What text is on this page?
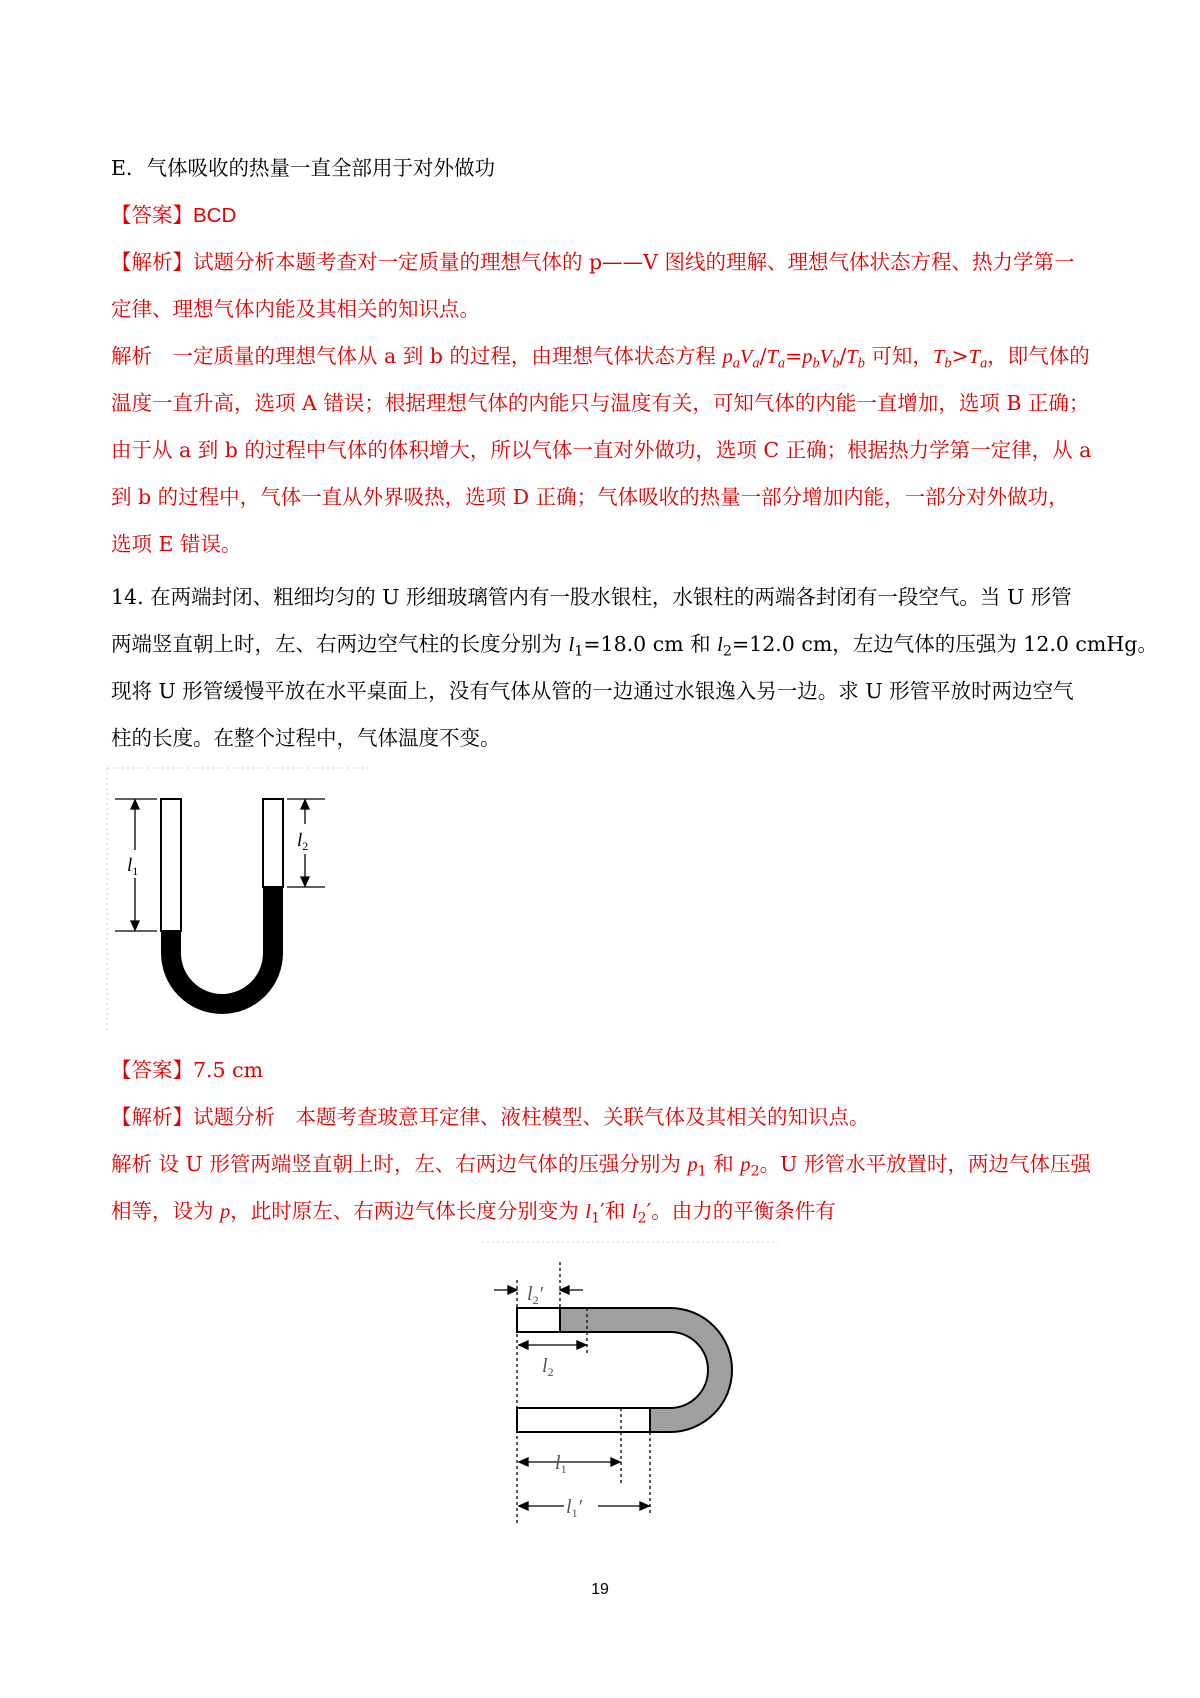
E．气体吸收的热量一直全部用于对外做功

【答案】BCD

【解析】试题分析本题考查对一定质量的理想气体的 p——V 图线的理解、理想气体状态方程、热力学第一

定律、理想气体内能及其相关的知识点。

解析　一定质量的理想气体从 a 到 b 的过程，由理想气体状态方程 $p_aV_a/T_a=p_bV_b/T_b$ 可知，$T_b>T_a$，即气体的

温度一直升高，选项 A 错误；根据理想气体的内能只与温度有关，可知气体的内能一直增加，选项 B 正确；

由于从 a 到 b 的过程中气体的体积增大，所以气体一直对外做功，选项 C 正确；根据热力学第一定律，从 a

到 b 的过程中，气体一直从外界吸热，选项 D 正确；气体吸收的热量一部分增加内能，一部分对外做功，

选项 E 错误。

14. 在两端封闭、粗细均匀的 U 形细玻璃管内有一股水银柱，水银柱的两端各封闭有一段空气。当 U 形管

两端竖直朝上时，左、右两边空气柱的长度分别为 $l_1=18.0$ cm 和 $l_2=12.0$ cm，左边气体的压强为 12.0 cmHg。

现将 U 形管缓慢平放在水平桌面上，没有气体从管的一边通过水银逸入另一边。求 U 形管平放时两边空气

柱的长度。在整个过程中，气体温度不变。

$l_1$
$l_2$

【答案】7.5 cm

【解析】试题分析　本题考查玻意耳定律、液柱模型、关联气体及其相关的知识点。

解析 设 U 形管两端竖直朝上时，左、右两边气体的压强分别为 $p_1$ 和 $p_2$。U 形管水平放置时，两边气体压强

相等，设为 p，此时原左、右两边气体长度分别变为 $l_1'$和 $l_2'$。由力的平衡条件有

$l_2'$
$l_2$
$l_1$
$l_1'$
19
